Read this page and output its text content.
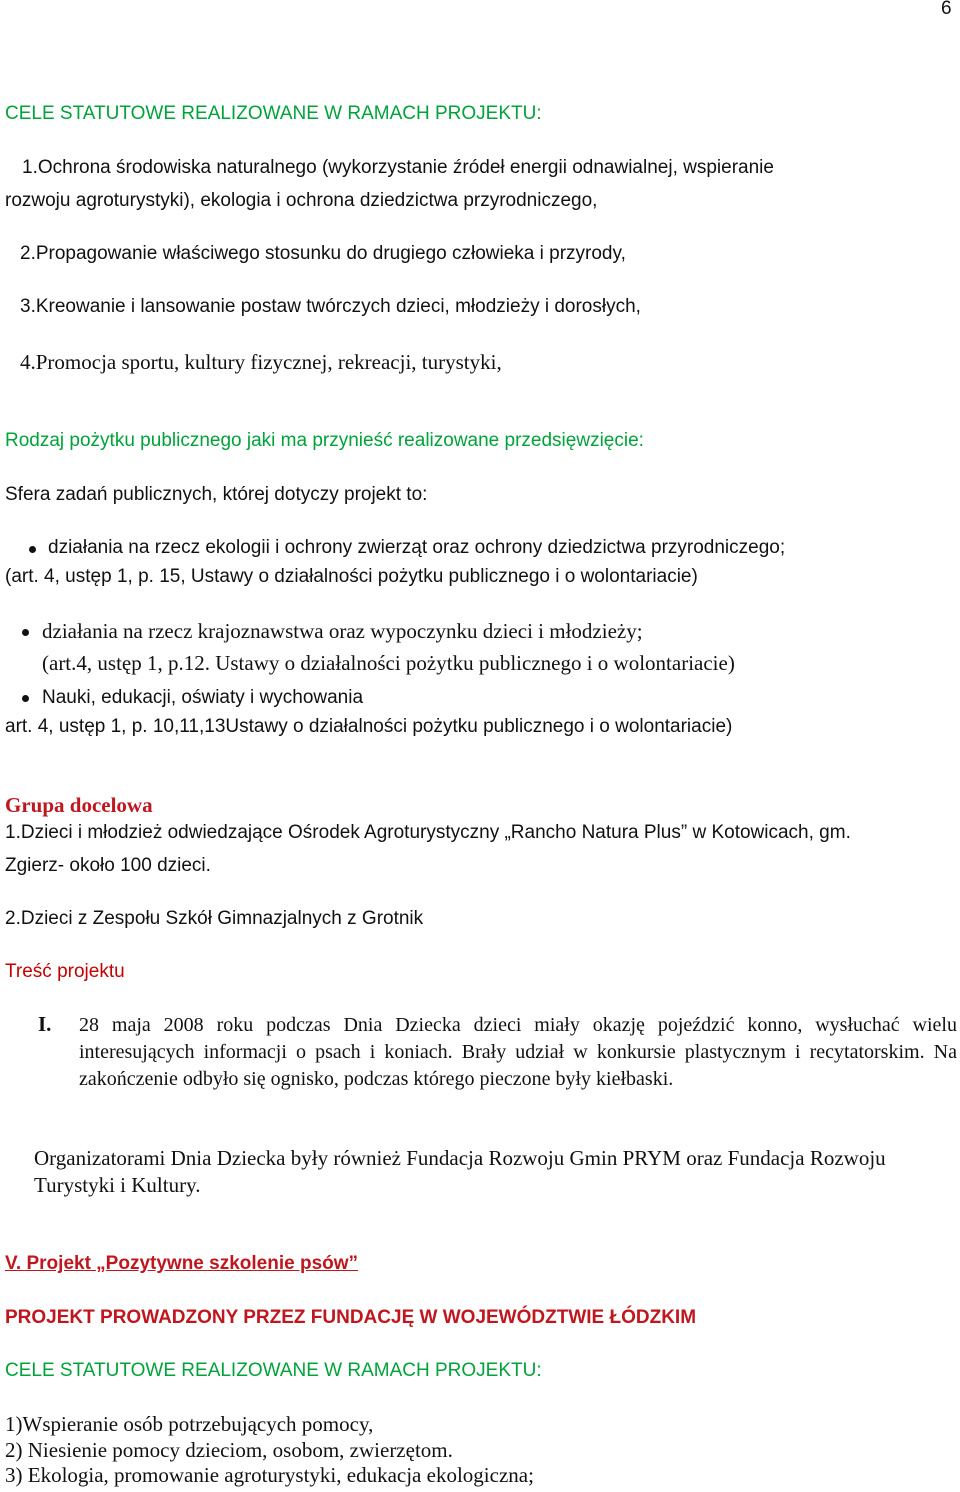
6
CELE STATUTOWE REALIZOWANE W RAMACH PROJEKTU:
1.Ochrona środowiska naturalnego (wykorzystanie źródeł energii odnawialnej, wspieranie
rozwoju agroturystyki), ekologia i ochrona dziedzictwa przyrodniczego,
2.Propagowanie właściwego stosunku do drugiego człowieka i przyrody,
3.Kreowanie i lansowanie postaw twórczych dzieci, młodzieży i dorosłych,
4.Promocja sportu, kultury fizycznej, rekreacji, turystyki,
Rodzaj pożytku publicznego jaki ma przynieść realizowane przedsięwzięcie:
Sfera zadań publicznych, której dotyczy projekt to:
działania na rzecz ekologii i ochrony zwierząt oraz ochrony dziedzictwa przyrodniczego;
(art. 4, ustęp 1, p. 15, Ustawy o działalności pożytku publicznego i o wolontariacie)
działania na rzecz krajoznawstwa oraz wypoczynku dzieci i młodzieży;
(art.4, ustęp 1, p.12. Ustawy o działalności pożytku publicznego i o wolontariacie)
Nauki, edukacji, oświaty i wychowania
art. 4, ustęp 1, p. 10,11,13Ustawy o działalności pożytku publicznego i o wolontariacie)
Grupa docelowa
1.Dzieci i młodzież odwiedzające Ośrodek Agroturystyczny „Rancho Natura Plus” w Kotowicach, gm.
Zgierz- około 100 dzieci.
2.Dzieci z Zespołu Szkół Gimnazjalnych z Grotnik
Treść projektu
I. 28 maja 2008 roku podczas Dnia Dziecka dzieci miały okazję pojeździć konno, wysłuchać wielu interesujących informacji o psach i koniach. Brały udział w konkursie plastycznym i recytatorskim. Na zakończenie odbyło się ognisko, podczas którego pieczone były kiełbaski.
Organizatorami Dnia Dziecka były również Fundacja Rozwoju Gmin PRYM oraz Fundacja Rozwoju Turystyki i Kultury.
V. Projekt „Pozytywne szkolenie psów”
PROJEKT PROWADZONY PRZEZ FUNDACJĘ W WOJEWÓDZTWIE ŁÓDZKIM
CELE STATUTOWE REALIZOWANE W RAMACH PROJEKTU:
1)Wspieranie osób potrzebujących pomocy,
2) Niesienie pomocy dzieciom, osobom, zwierzętom.
3) Ekologia, promowanie agroturystyki, edukacja ekologiczna;
